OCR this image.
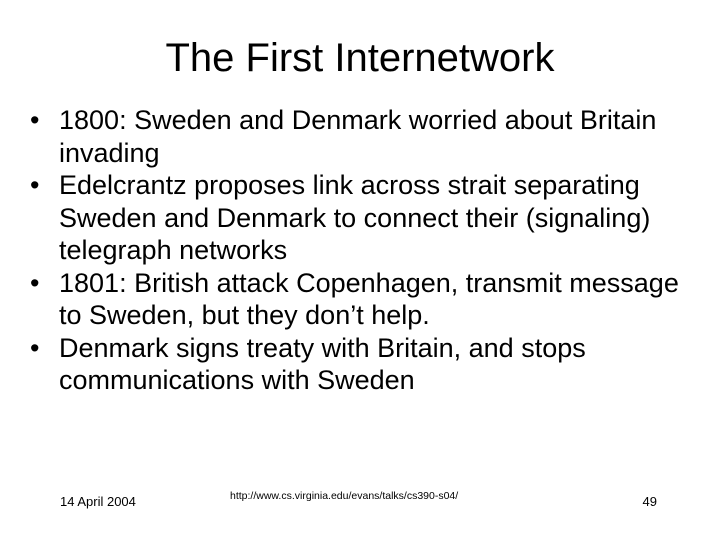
The First Internetwork
• 1800: Sweden and Denmark worried about Britain invading
• Edelcrantz proposes link across strait separating Sweden and Denmark to connect their (signaling) telegraph networks
• 1801: British attack Copenhagen, transmit message to Sweden, but they don’t help.
• Denmark signs treaty with Britain, and stops communications with Sweden
14 April 2004	http://www.cs.virginia.edu/evans/talks/cs390-s04/	49
